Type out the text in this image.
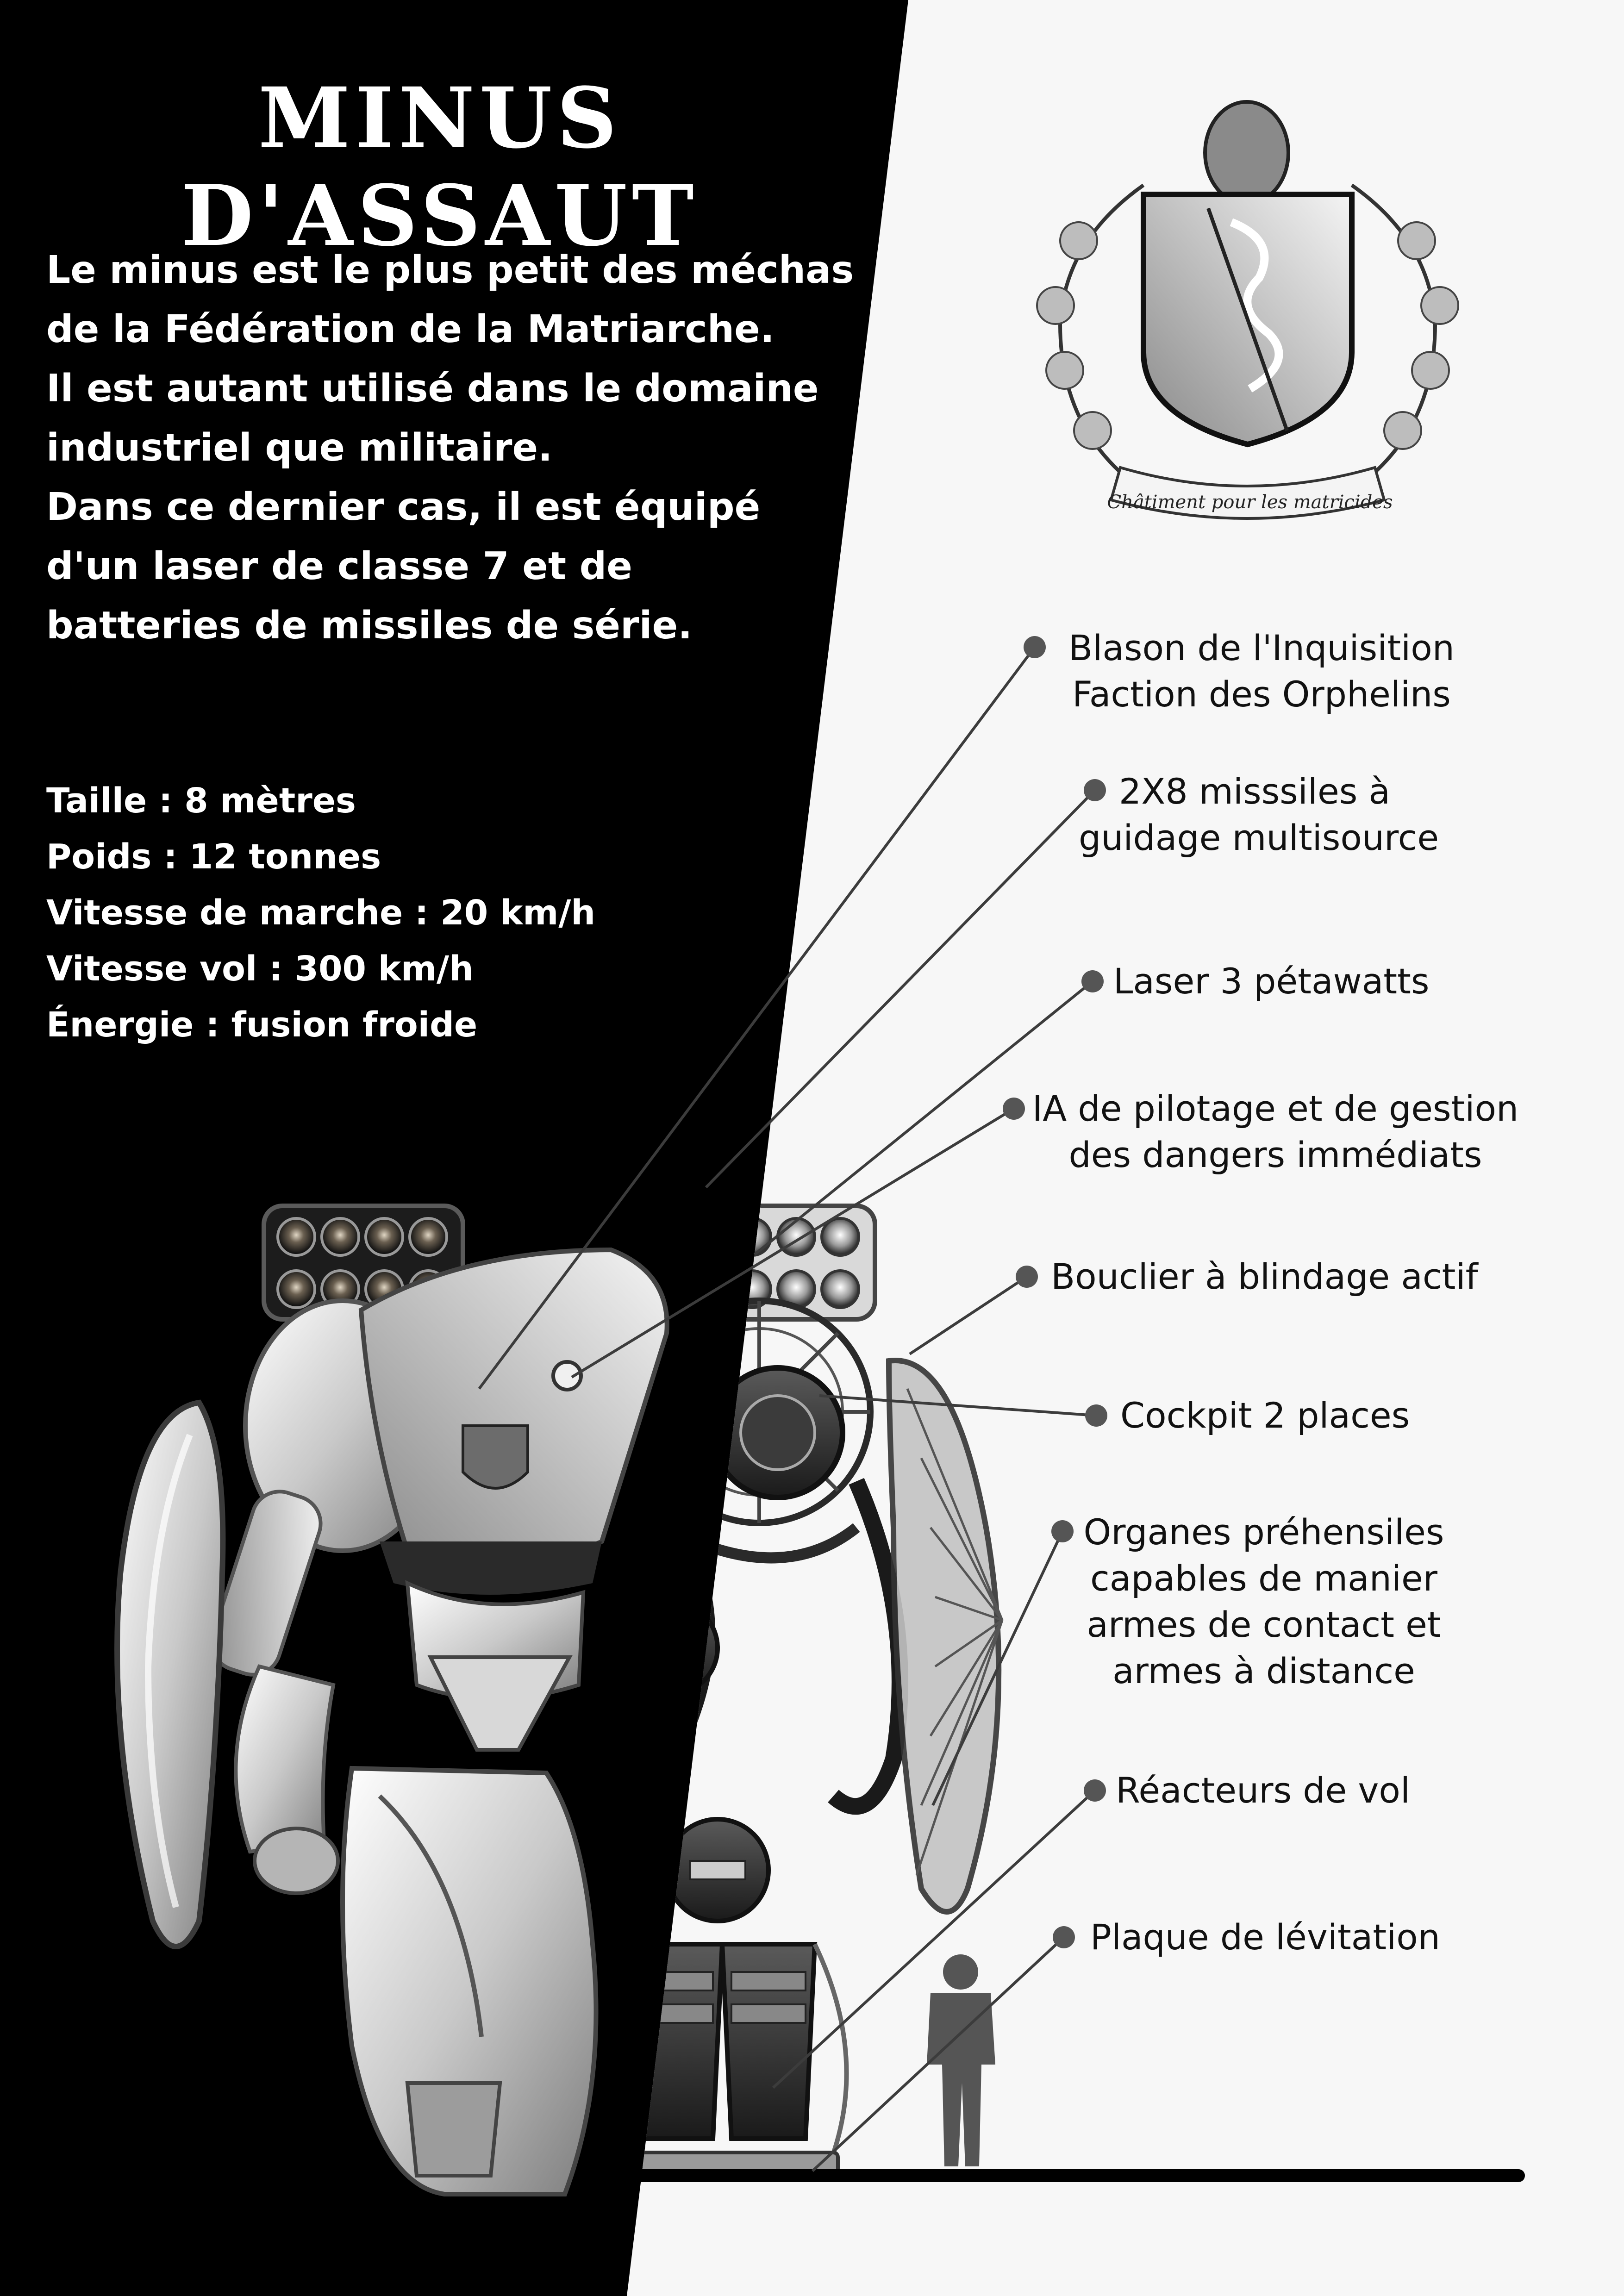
MINUS D'ASSAUT
Le minus est le plus petit des méchas
de la Fédération de la Matriarche.
Il est autant utilisé dans le domaine
industriel que militaire.
Dans ce dernier cas, il est équipé
d'un laser de classe 7 et de
batteries de missiles de série.
Taille : 8 mètres
Poids : 12 tonnes
Vitesse de marche : 20 km/h
Vitesse vol : 300 km/h
Énergie : fusion froide
Châtiment pour les matricides
Blason de l'Inquisition
Faction des Orphelins
2X8 misssiles à
guidage multisource
Laser 3 pétawatts
IA de pilotage et de gestion
des dangers immédiats
Bouclier à blindage actif
Cockpit 2 places
Organes préhensiles
capables de manier
armes de contact et
armes à distance
Réacteurs de vol
Plaque de lévitation
